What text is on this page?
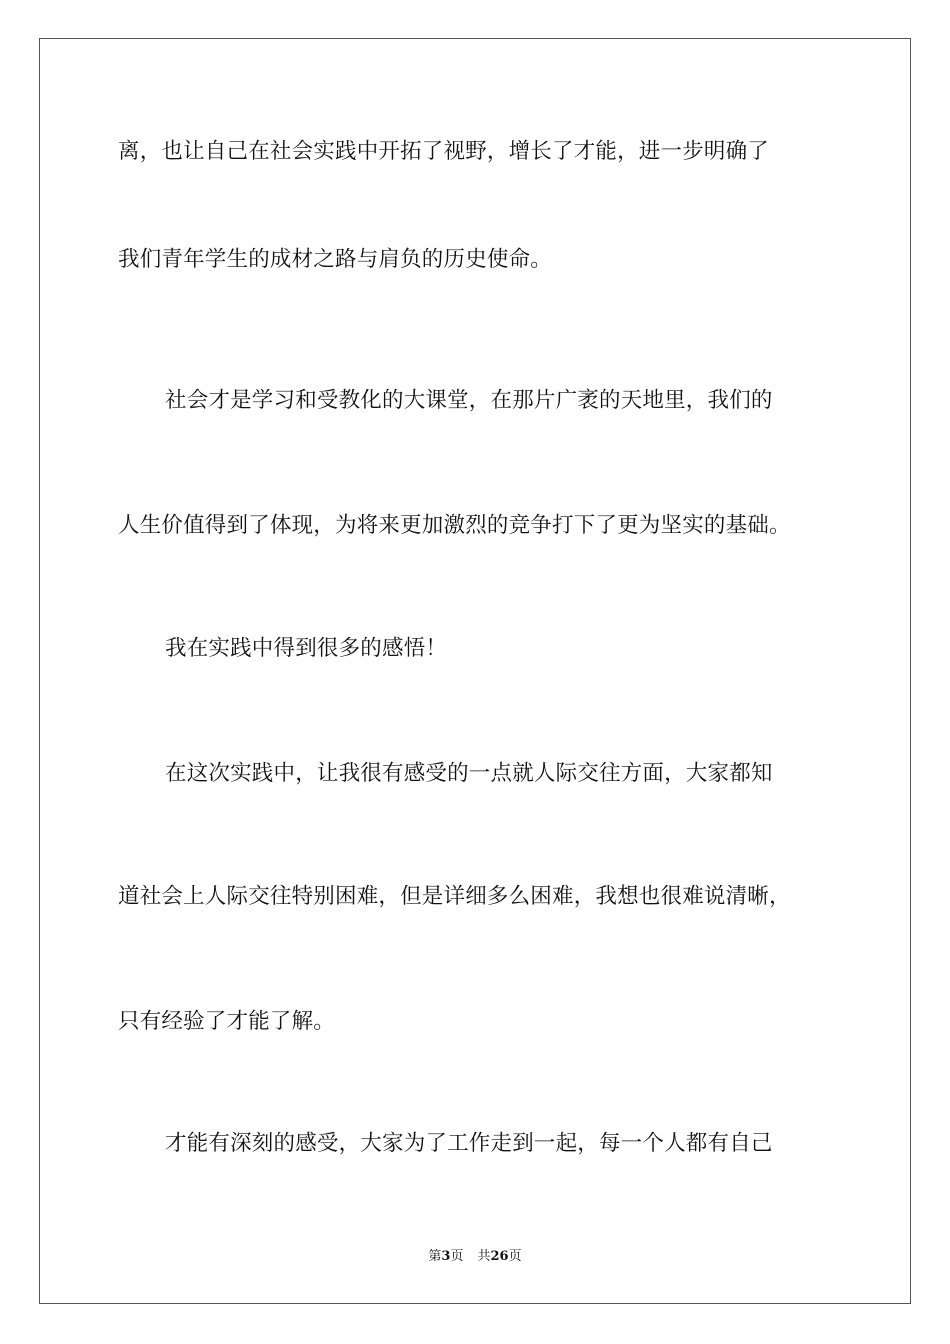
离，也让自己在社会实践中开拓了视野，增长了才能，进一步明确了
我们青年学生的成材之路与肩负的历史使命。
社会才是学习和受教化的大课堂，在那片广袤的天地里，我们的
人生价值得到了体现，为将来更加激烈的竞争打下了更为坚实的基础。
我在实践中得到很多的感悟！
在这次实践中，让我很有感受的一点就人际交往方面，大家都知
道社会上人际交往特别困难，但是详细多么困难，我想也很难说清晰，
只有经验了才能了解。
才能有深刻的感受，大家为了工作走到一起，每一个人都有自己
第3页 共26页
